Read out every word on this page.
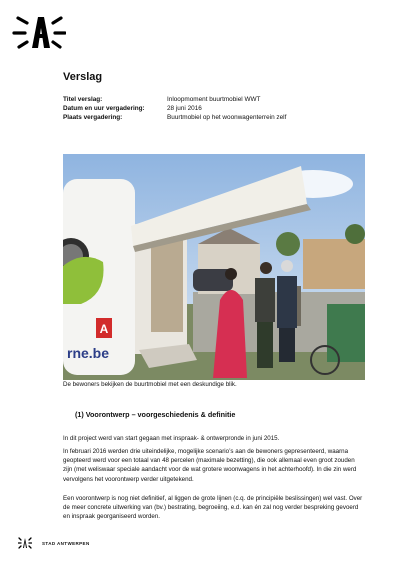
Verslag
Titel verslag:	Inloopmoment buurtmobiel WWT
Datum en uur vergadering:	28 juni 2016
Plaats vergadering:	Buurtmobiel op het woonwagenterrein zelf
A
rne.be
De bewoners bekijken de buurtmobiel met een deskundige blik.
(1) Voorontwerp – voorgeschiedenis & definitie

In dit project werd van start gegaan met inspraak- & ontwerpronde in juni 2015.

In februari 2016 werden drie uiteindelijke, mogelijke scenario’s aan de bewoners gepresenteerd, waarna geopteerd werd voor een totaal van 48 percelen (maximale bezetting), die ook allemaal even groot zouden zijn (met weliswaar speciale aandacht voor de wat grotere woonwagens in het achterhoofd). In die zin werd vervolgens het voorontwerp verder uitgetekend.

Een voorontwerp is nog niet definitief, al liggen de grote lijnen (c.q. de principiële beslissingen) wel vast. Over de meer concrete uitwerking van (bv.) bestrating, begroeiing, e.d. kan én zal nog verder bespreking gevoerd en inspraak georganiseerd worden.

STAD ANTWERPEN
